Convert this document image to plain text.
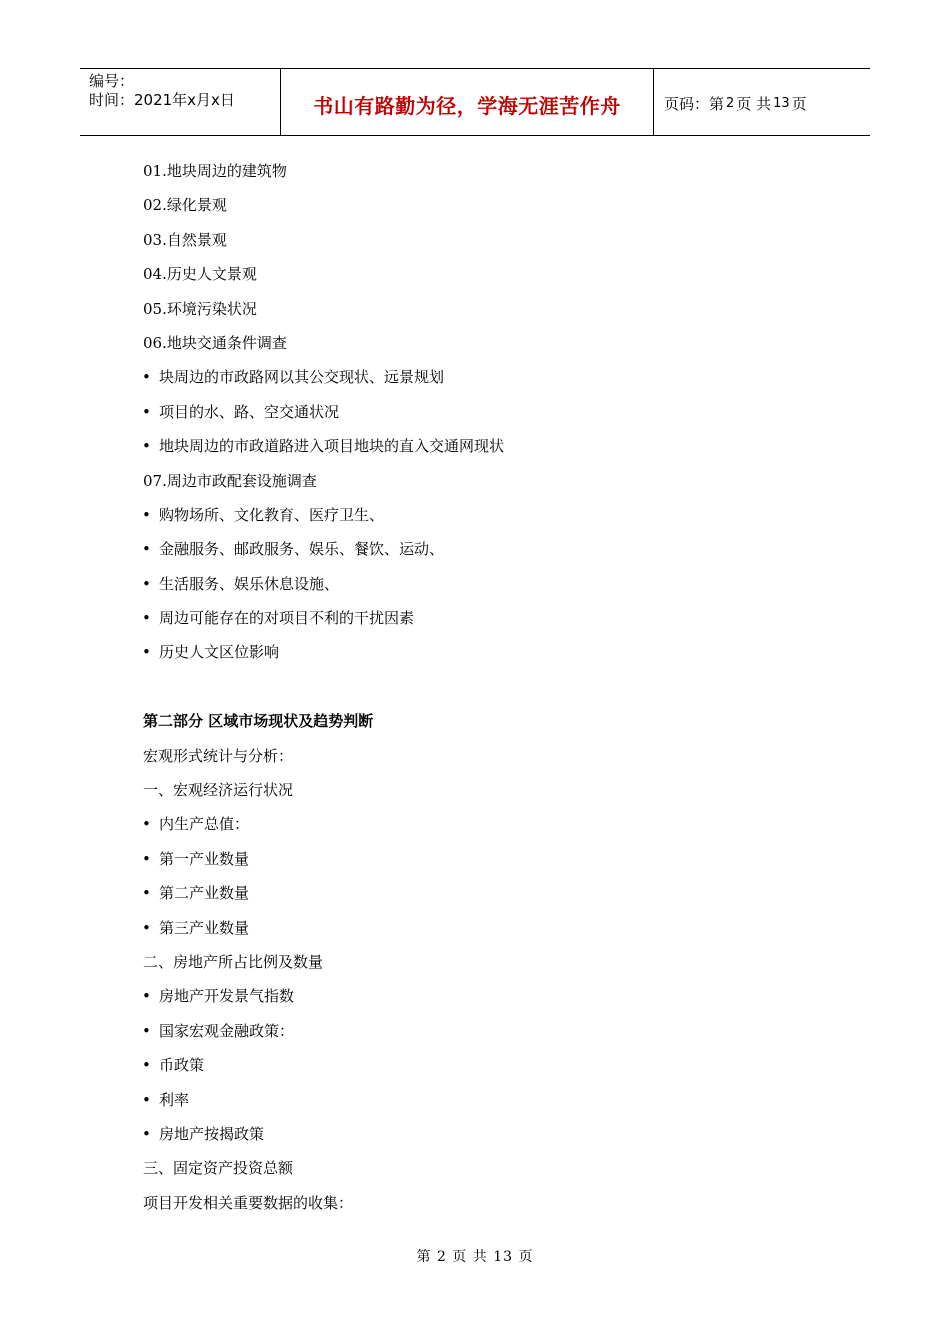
编号：
时间：2021年x月x日	书山有路勤为径，学海无涯苦作舟	页码：第 2 页 共 13 页
01.地块周边的建筑物
02.绿化景观
03.自然景观
04.历史人文景观
05.环境污染状况
06.地块交通条件调查
• 块周边的市政路网以其公交现状、远景规划
• 项目的水、路、空交通状况
• 地块周边的市政道路进入项目地块的直入交通网现状
07.周边市政配套设施调查
• 购物场所、文化教育、医疗卫生、
• 金融服务、邮政服务、娱乐、餐饮、运动、
• 生活服务、娱乐休息设施、
• 周边可能存在的对项目不利的干扰因素
• 历史人文区位影响
第二部分 区域市场现状及趋势判断
宏观形式统计与分析：
一、宏观经济运行状况
• 内生产总值：
• 第一产业数量
• 第二产业数量
• 第三产业数量
二、房地产所占比例及数量
• 房地产开发景气指数
• 国家宏观金融政策：
• 币政策
• 利率
• 房地产按揭政策
三、固定资产投资总额
项目开发相关重要数据的收集：
第 2 页 共 13 页
